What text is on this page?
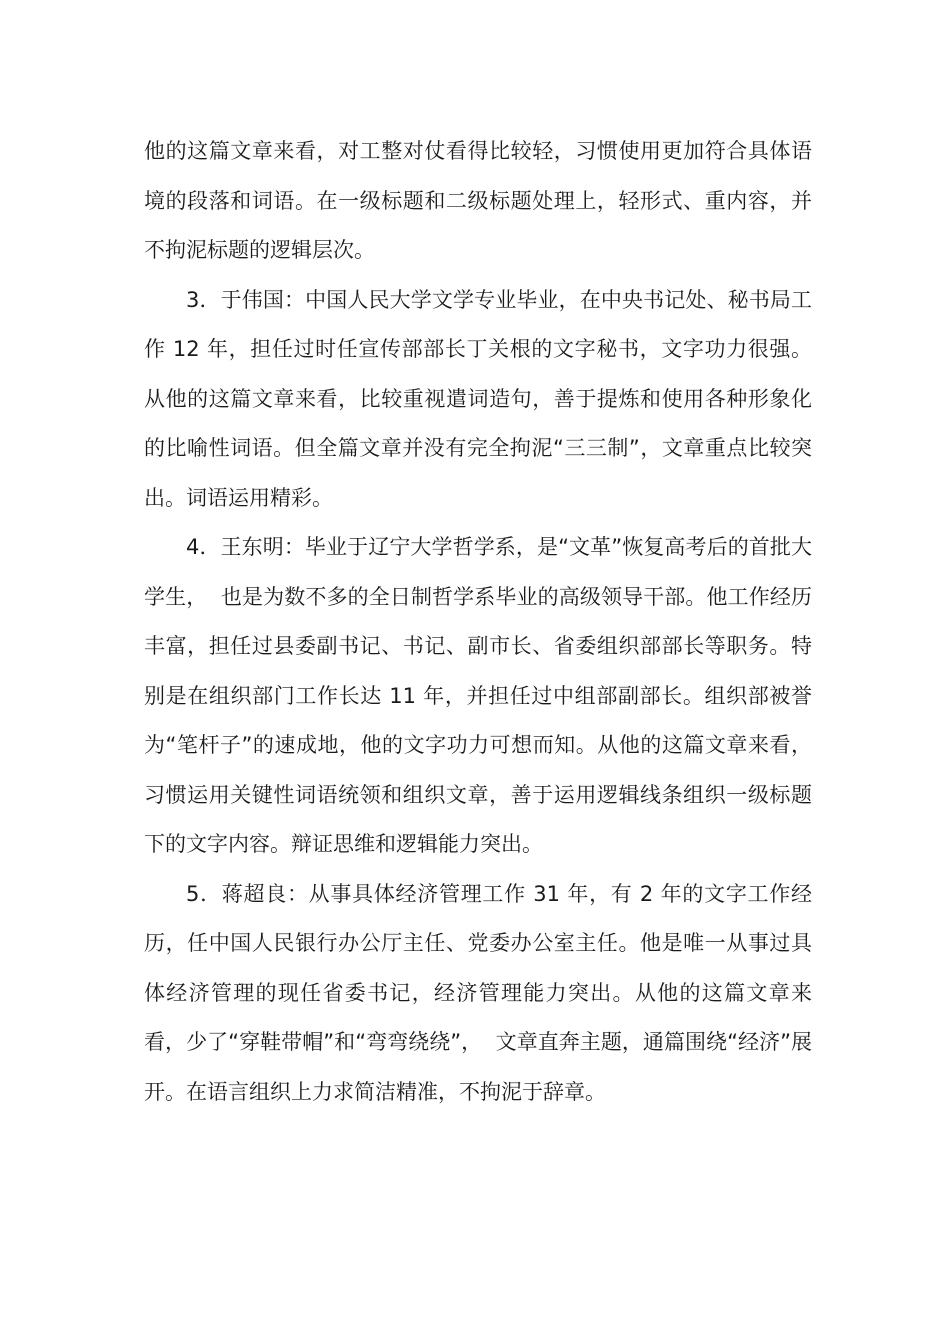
他的这篇文章来看，对工整对仗看得比较轻，习惯使用更加符合具体语境的段落和词语。在一级标题和二级标题处理上，轻形式、重内容，并不拘泥标题的逻辑层次。

3．于伟国：中国人民大学文学专业毕业，在中央书记处、秘书局工作 12 年，担任过时任宣传部部长丁关根的文字秘书，文字功力很强。从他的这篇文章来看，比较重视遣词造句，善于提炼和使用各种形象化的比喻性词语。但全篇文章并没有完全拘泥“三三制”，文章重点比较突出。词语运用精彩。

4．王东明：毕业于辽宁大学哲学系，是“文革”恢复高考后的首批大学生，  也是为数不多的全日制哲学系毕业的高级领导干部。他工作经历丰富，担任过县委副书记、书记、副市长、省委组织部部长等职务。特别是在组织部门工作长达 11 年，并担任过中组部副部长。组织部被誉为“笔杆子”的速成地，他的文字功力可想而知。从他的这篇文章来看，习惯运用关键性词语统领和组织文章，善于运用逻辑线条组织一级标题下的文字内容。辩证思维和逻辑能力突出。

5．蒋超良：从事具体经济管理工作 31 年，有 2 年的文字工作经历，任中国人民银行办公厅主任、党委办公室主任。他是唯一从事过具体经济管理的现任省委书记，经济管理能力突出。从他的这篇文章来看，少了“穿鞋带帽”和“弯弯绕绕”，  文章直奔主题，通篇围绕“经济”展开。在语言组织上力求简洁精准，不拘泥于辞章。
